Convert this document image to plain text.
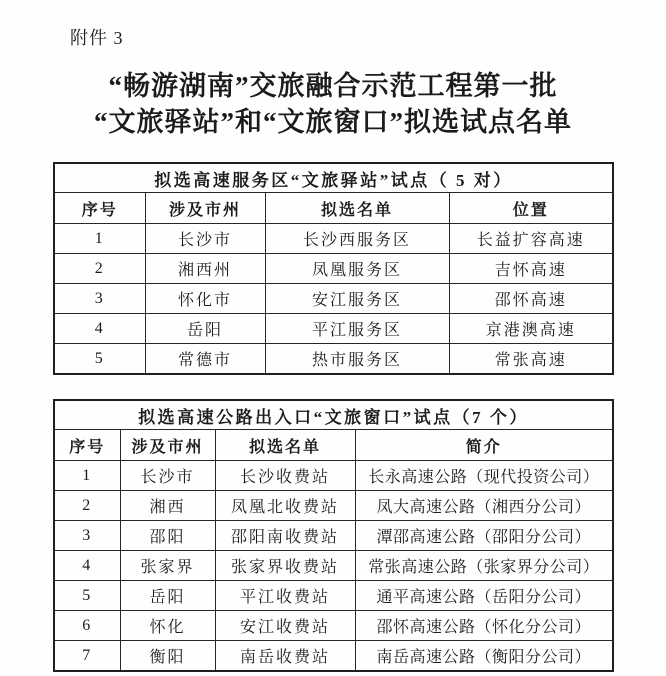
附件 3
“畅游湖南”交旅融合示范工程第一批
“文旅驿站”和“文旅窗口”拟选试点名单
拟选高速服务区“文旅驿站”试点（ 5 对）			
序号	涉及市州	拟选名单	位置
1	长沙市	长沙西服务区	长益扩容高速
2	湘西州	凤凰服务区	吉怀高速
3	怀化市	安江服务区	邵怀高速
4	岳阳	平江服务区	京港澳高速
5	常德市	热市服务区	常张高速
拟选高速公路出入口“文旅窗口”试点（7 个）			
序号	涉及市州	拟选名单	简介
1	长沙市	长沙收费站	长永高速公路（现代投资公司）
2	湘西	凤凰北收费站	凤大高速公路（湘西分公司）
3	邵阳	邵阳南收费站	潭邵高速公路（邵阳分公司）
4	张家界	张家界收费站	常张高速公路（张家界分公司）
5	岳阳	平江收费站	通平高速公路（岳阳分公司）
6	怀化	安江收费站	邵怀高速公路（怀化分公司）
7	衡阳	南岳收费站	南岳高速公路（衡阳分公司）
